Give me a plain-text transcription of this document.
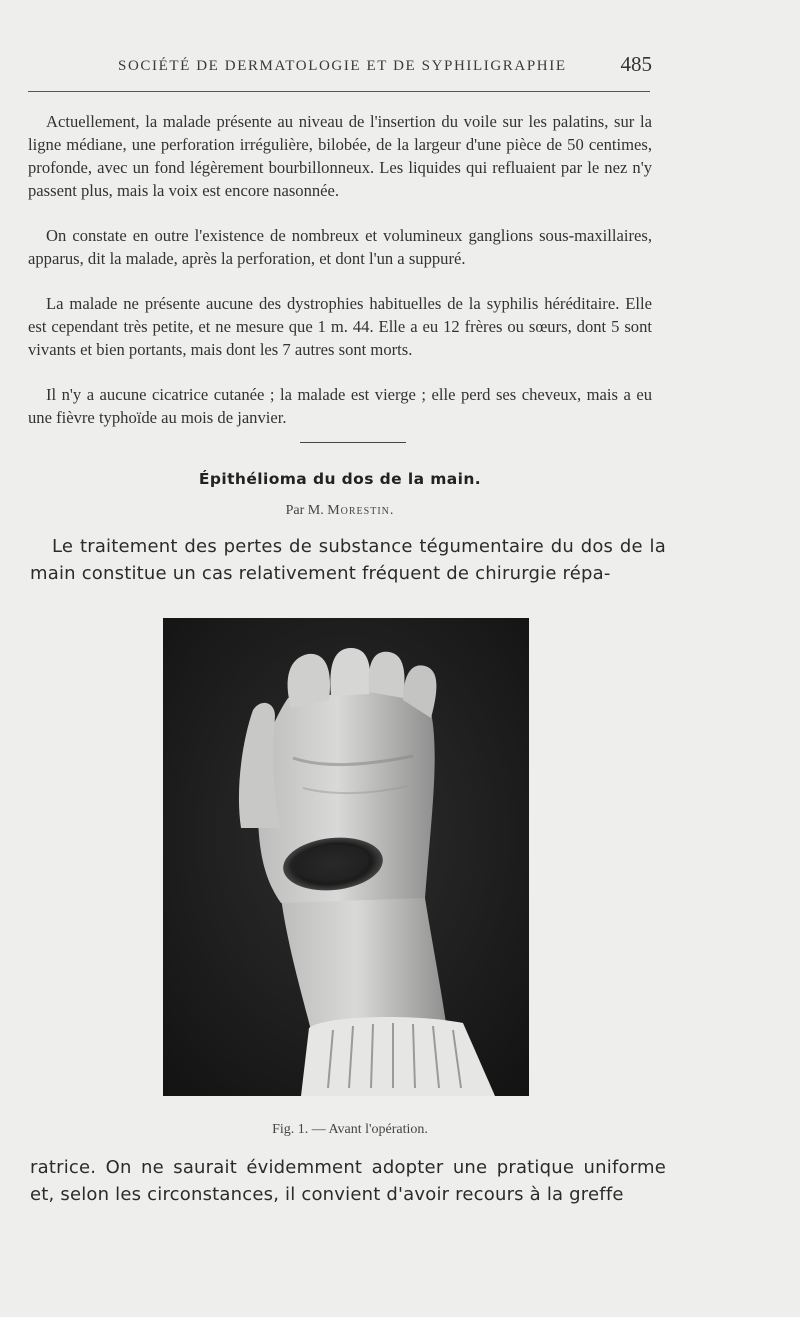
SOCIÉTÉ DE DERMATOLOGIE ET DE SYPHILIGRAPHIE	485

Actuellement, la malade présente au niveau de l'insertion du voile sur les palatins, sur la ligne médiane, une perforation irrégulière, bilobée, de la largeur d'une pièce de 50 centimes, profonde, avec un fond légèrement bourbillonneux. Les liquides qui refluaient par le nez n'y passent plus, mais la voix est encore nasonnée.

On constate en outre l'existence de nombreux et volumineux ganglions sous-maxillaires, apparus, dit la malade, après la perforation, et dont l'un a suppuré.

La malade ne présente aucune des dystrophies habituelles de la syphilis héréditaire. Elle est cependant très petite, et ne mesure que 1 m. 44. Elle a eu 12 frères ou sœurs, dont 5 sont vivants et bien portants, mais dont les 7 autres sont morts.

Il n'y a aucune cicatrice cutanée ; la malade est vierge ; elle perd ses cheveux, mais a eu une fièvre typhoïde au mois de janvier.

Épithélioma du dos de la main.
Par M. Morestin.

Le traitement des pertes de substance tégumentaire du dos de la main constitue un cas relativement fréquent de chirurgie répa-

Fig. 1. — Avant l'opération.

ratrice. On ne saurait évidemment adopter une pratique uniforme et, selon les circonstances, il convient d'avoir recours à la greffe
